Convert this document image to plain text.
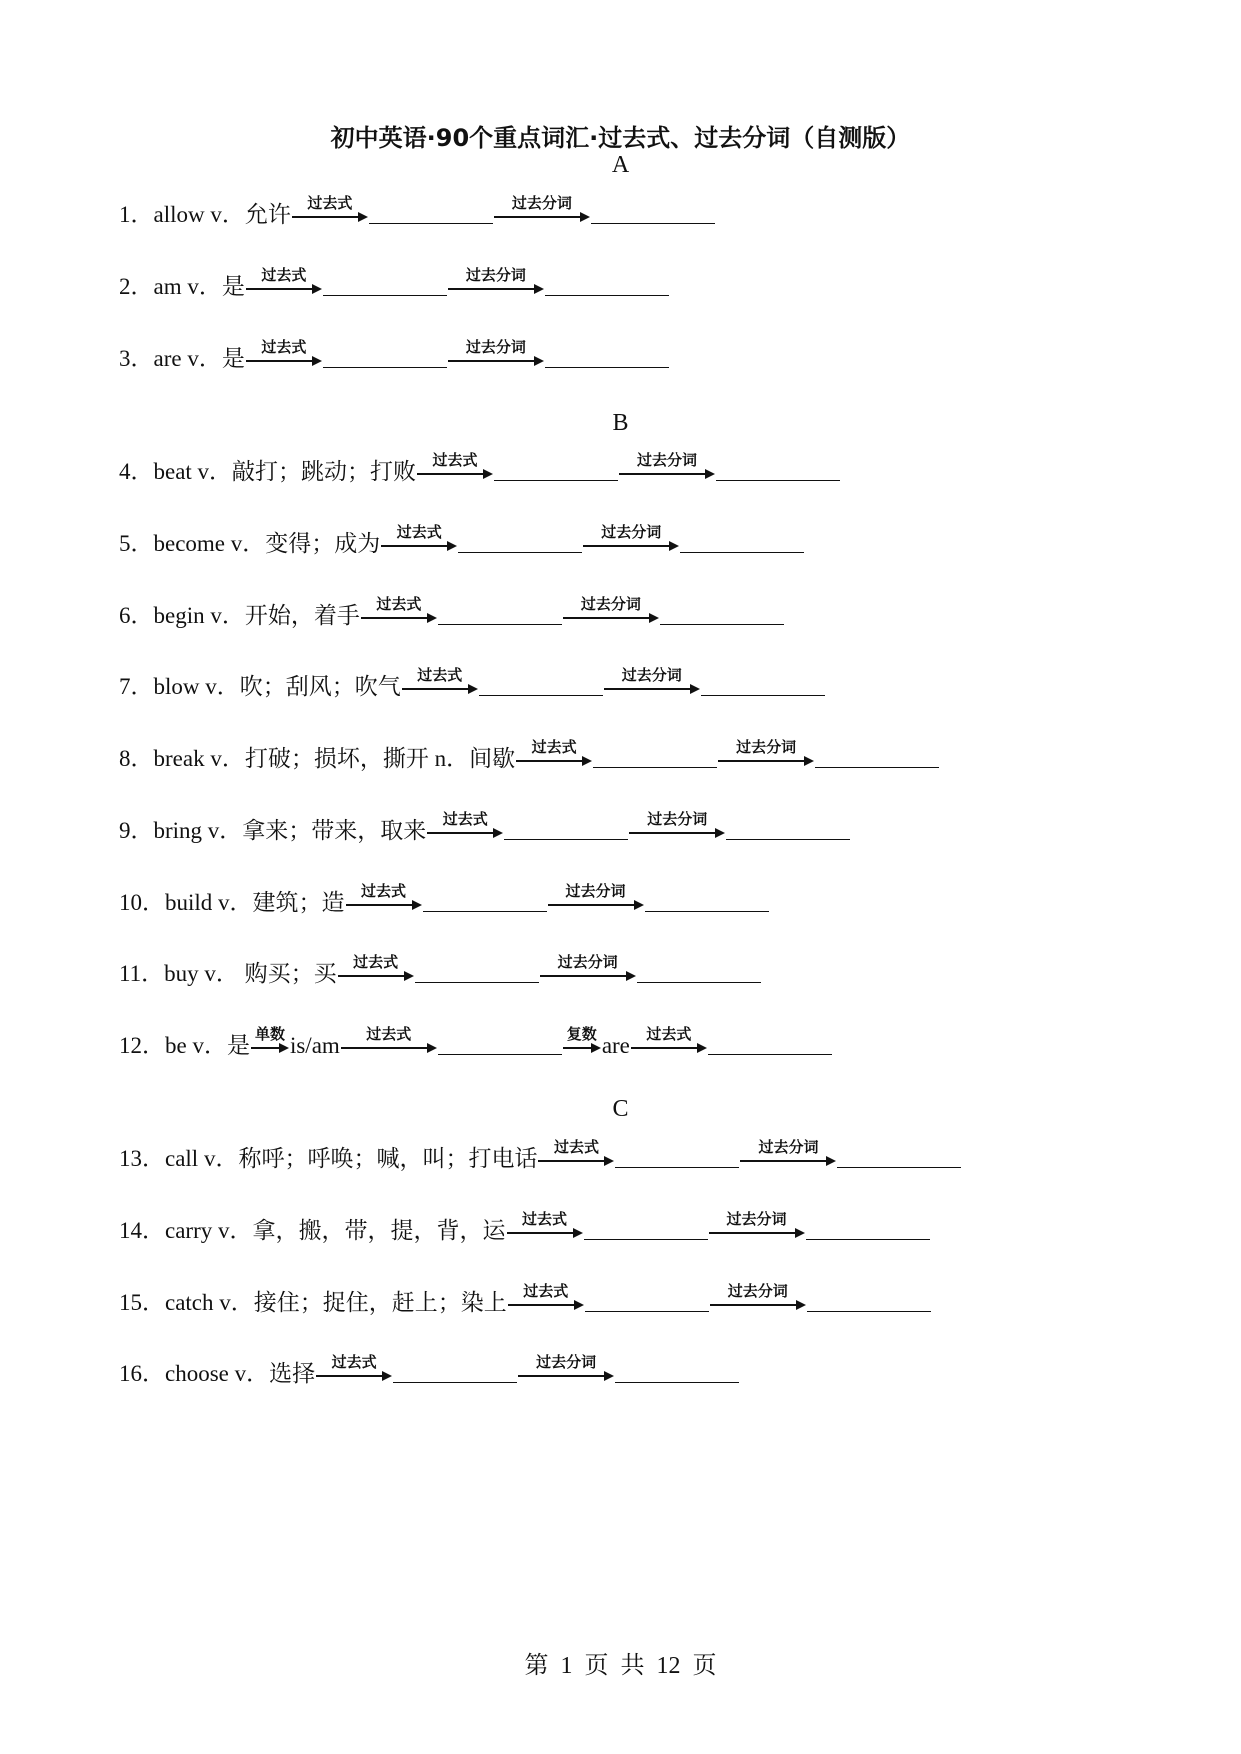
初中英语·90个重点词汇·过去式、过去分词（自测版）
A
1． allow v．允许	过去式	过去分词
2． am v．是	过去式	过去分词
3． are v．是	过去式	过去分词
B
4． beat v．敲打；跳动；打败	过去式	过去分词
5． become v．变得；成为	过去式	过去分词
6． begin v．开始，着手	过去式	过去分词
7． blow v．吹；刮风；吹气	过去式	过去分词
8． break v．打破；损坏，撕开 n．间歇	过去式	过去分词
9． bring v．拿来；带来，取来	过去式	过去分词
10． build v．建筑；造	过去式	过去分词
11． buy v． 购买；买	过去式	过去分词
12． be v．是 单数 is/am	过去式	复数 are	过去式
C
13． call v．称呼；呼唤；喊，叫；打电话	过去式	过去分词
14． carry v．拿，搬，带，提，背，运	过去式	过去分词
15． catch v．接住；捉住，赶上；染上	过去式	过去分词
16． choose v．选择	过去式	过去分词
第 1 页 共 12 页
